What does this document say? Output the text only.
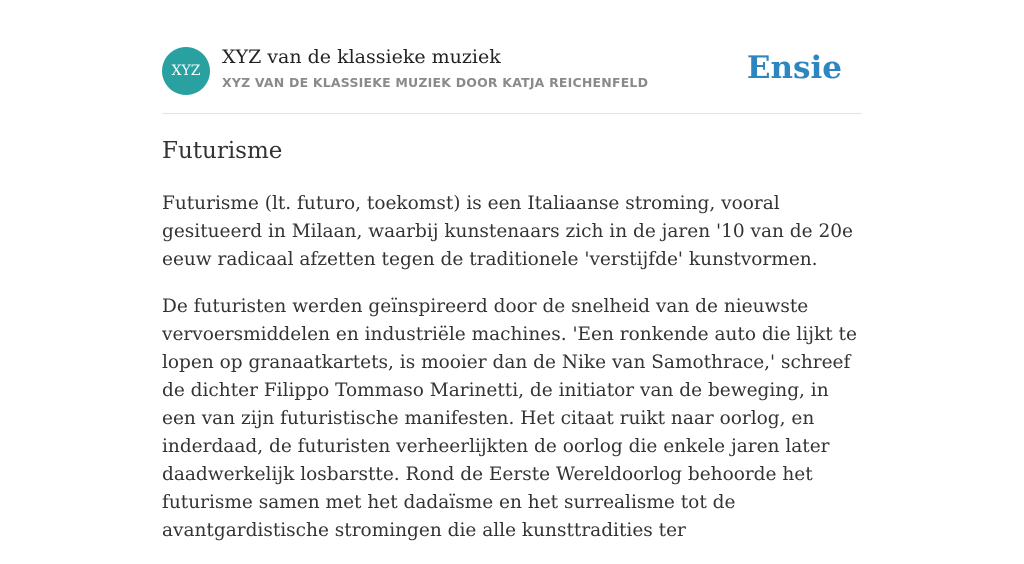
XYZ
XYZ van de klassieke muziek
XYZ VAN DE KLASSIEKE MUZIEK DOOR KATJA REICHENFELD	Ensie
Futurisme

Futurisme (lt. futuro, toekomst) is een Italiaanse stroming, vooral gesitueerd in Milaan, waarbij kunstenaars zich in de jaren '10 van de 20e eeuw radicaal afzetten tegen de traditionele 'verstijfde' kunstvormen.

De futuristen werden geïnspireerd door de snelheid van de nieuwste vervoersmiddelen en industriële machines. 'Een ronkende auto die lijkt te lopen op granaatkartets, is mooier dan de Nike van Samothrace,' schreef de dichter Filippo Tommaso Marinetti, de initiator van de beweging, in een van zijn futuristische manifesten. Het citaat ruikt naar oorlog, en inderdaad, de futuristen verheerlijkten de oorlog die enkele jaren later daadwerkelijk losbarstte. Rond de Eerste Wereldoorlog behoorde het futurisme samen met het dadaïsme en het surrealisme tot de avantgardistische stromingen die alle kunsttradities ter
